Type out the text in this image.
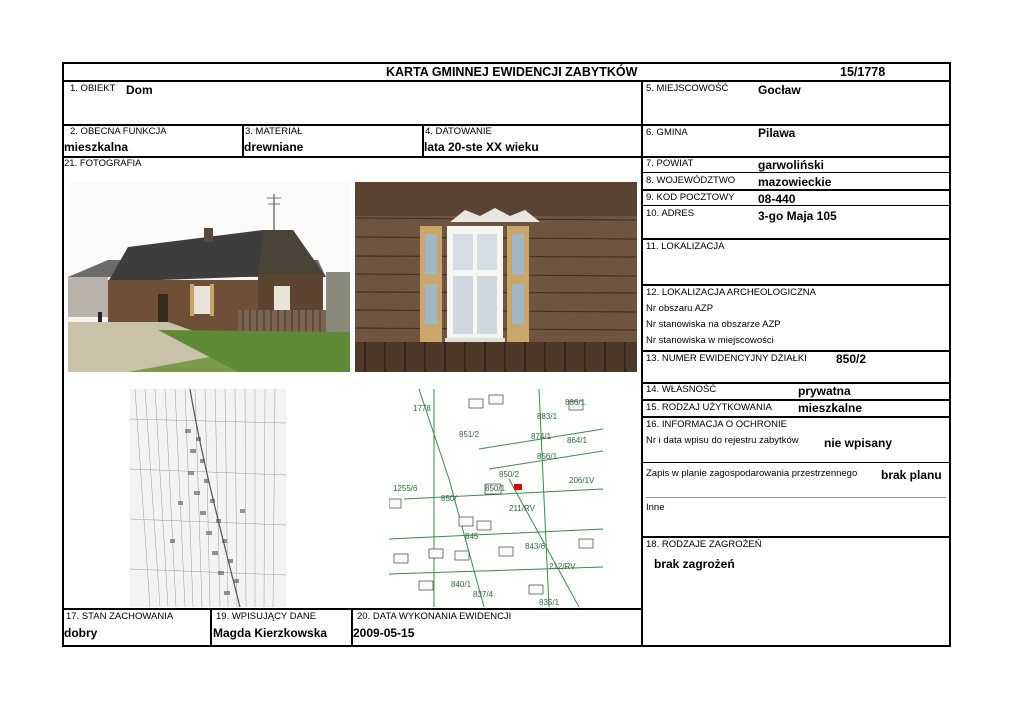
KARTA GMINNEJ EWIDENCJI ZABYTKÓW	15/1778
1. OBIEKT Dom
2. OBECNA FUNKCJA
mieszkalna
3. MATERIAŁ
drewniane
4. DATOWANIE
lata 20-ste XX wieku
21. FOTOGRAFIA
883/1
886/1
874/1 864/1
856/1
851/2
206/1V
1255/6
850/
850/1
850/2
211/RV
845
843/6
840/1
837/4
835/1
212/RV
1778
17. STAN ZACHOWANIA
dobry
19. WPISUJĄCY DANE
Magda Kierzkowska
20. DATA WYKONANIA EWIDENCJI
2009-05-15
5. MIEJSCOWOŚĆ Gocław
6. GMINA	Pilawa
7. POWIAT	garwoliński
8. WOJEWÓDZTWO mazowieckie
9. KOD POCZTOWY 08-440
10. ADRES	3-go Maja 105
11. LOKALIZACJA
12. LOKALIZACJA ARCHEOLOGICZNA
Nr obszaru AZP
Nr stanowiska na obszarze AZP
Nr stanowiska w miejscowości
13. NUMER EWIDENCYJNY DZIAŁKI 850/2
14. WŁASNOŚĆ	prywatna
15. RODZAJ UŻYTKOWANIA mieszkalne
16. INFORMACJA O OCHRONIE
Nr i data wpisu do rejestru zabytków nie wpisany
Zapis w planie zagospodarowania przestrzennego brak planu
Inne
18. RODZAJE ZAGROŻEŃ
brak zagrożeń
